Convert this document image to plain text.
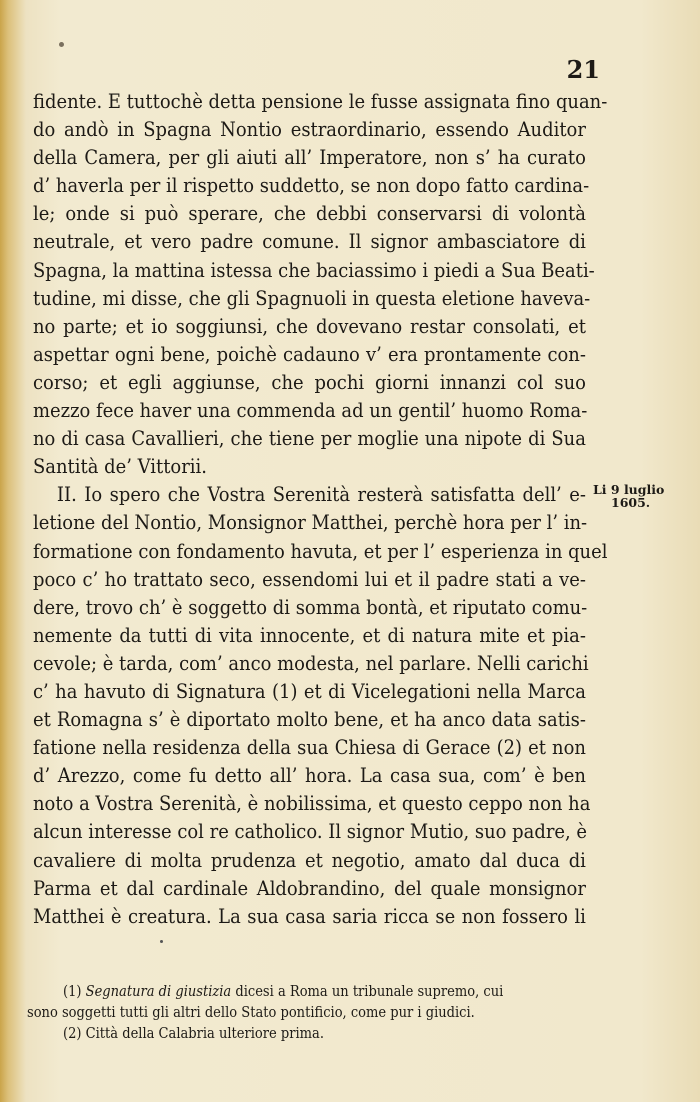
21
fidente. E tuttochè detta pensione le fusse assignata fino quan-
do andò in Spagna Nontio estraordinario, essendo Auditor
della Camera, per gli aiuti all’ Imperatore, non s’ ha curato
d’ haverla per il rispetto suddetto, se non dopo fatto cardina-
le; onde si può sperare, che debbi conservarsi di volontà
neutrale, et vero padre comune. Il signor ambasciatore di
Spagna, la mattina istessa che baciassimo i piedi a Sua Beati-
tudine, mi disse, che gli Spagnuoli in questa eletione haveva-
no parte; et io soggiunsi, che dovevano restar consolati, et
aspettar ogni bene, poichè cadauno v’ era prontamente con-
corso; et egli aggiunse, che pochi giorni innanzi col suo
mezzo fece haver una commenda ad un gentil’ huomo Roma-
no di casa Cavallieri, che tiene per moglie una nipote di Sua
Santità de’ Vittorii.
II. Io spero che Vostra Serenità resterà satisfatta dell’ e-
letione del Nontio, Monsignor Matthei, perchè hora per l’ in-
formatione con fondamento havuta, et per l’ esperienza in quel
poco c’ ho trattato seco, essendomi lui et il padre stati a ve-
dere, trovo ch’ è soggetto di somma bontà, et riputato comu-
nemente da tutti di vita innocente, et di natura mite et pia-
cevole; è tarda, com’ anco modesta, nel parlare. Nelli carichi
c’ ha havuto di Signatura (1) et di Vicelegationi nella Marca
et Romagna s’ è diportato molto bene, et ha anco data satis-
fatione nella residenza della sua Chiesa di Gerace (2) et non
d’ Arezzo, come fu detto all’ hora. La casa sua, com’ è ben
noto a Vostra Serenità, è nobilissima, et questo ceppo non ha
alcun interesse col re catholico. Il signor Mutio, suo padre, è
cavaliere di molta prudenza et negotio, amato dal duca di
Parma et dal cardinale Aldobrandino, del quale monsignor
Matthei è creatura. La sua casa saria ricca se non fossero li
Li 9 luglio
1605.
(1) Segnatura di giustizia dicesi a Roma un tribunale supremo, cui
sono soggetti tutti gli altri dello Stato pontificio, come pur i giudici.
(2) Città della Calabria ulteriore prima.
